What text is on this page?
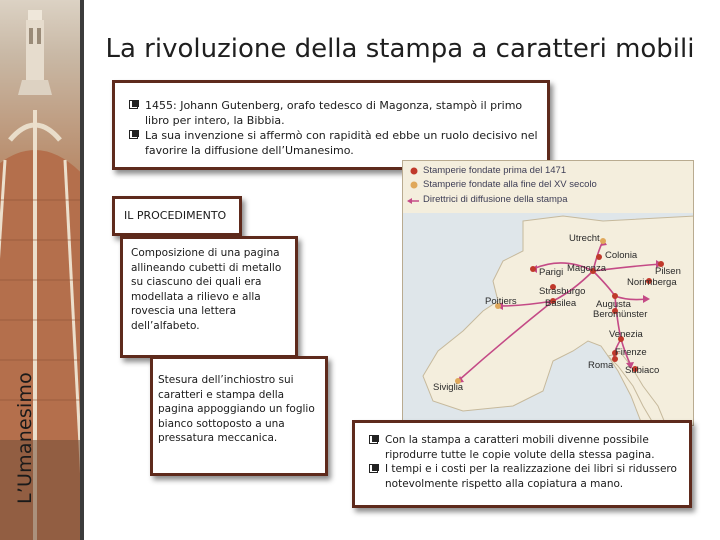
L’Umanesimo
La rivoluzione della stampa a caratteri mobili
1455: Johann Gutenberg, orafo tedesco di Magonza, stampò il primo libro per intero, la Bibbia.
La sua invenzione si affermò con rapidità ed ebbe un ruolo decisivo nel favorire la diffusione dell’Umanesimo.
IL PROCEDIMENTO
Composizione di una pagina allineando cubetti di metallo su ciascuno dei quali era modellata a rilievo e alla rovescia una lettera dell’alfabeto.
Stesura dell’inchiostro sui caratteri e stampa della pagina appoggiando un foglio bianco sottoposto a una pressatura meccanica.
Stamperie fondate prima del 1471
Stamperie fondate alla fine del XV secolo
Direttrici di diffusione della stampa
Utrecht
Colonia
Parigi Magonza	Pilsen
Norimberga
Strasburgo
Poitiers	Basilea Augusta
Beromünster
Venezia
Firenze
Roma Subiaco
Siviglia
Con la stampa a caratteri mobili divenne possibile riprodurre tutte le copie volute della stessa pagina.
I tempi e i costi per la realizzazione dei libri si ridussero notevolmente rispetto alla copiatura a mano.
